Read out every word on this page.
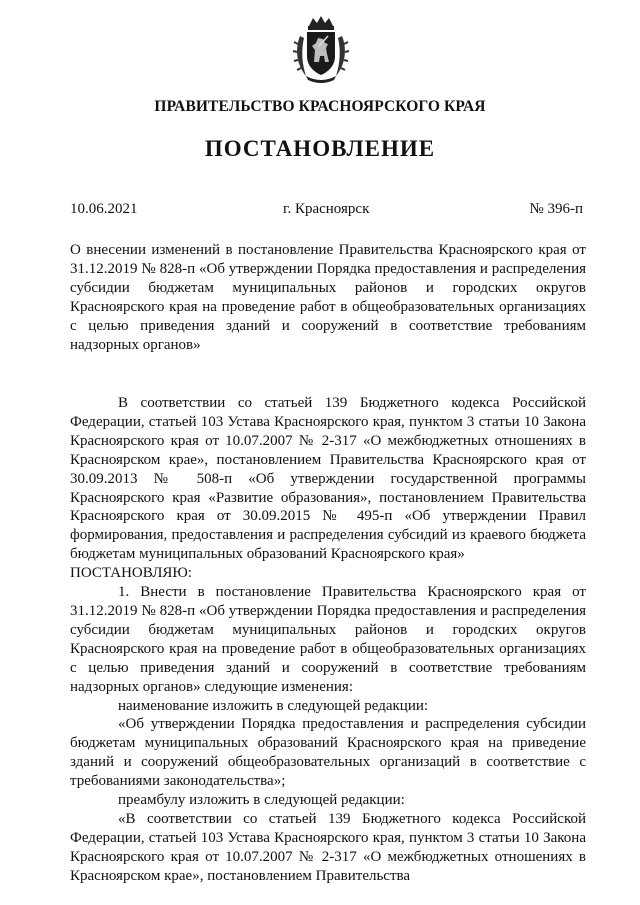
ПРАВИТЕЛЬСТВО КРАСНОЯРСКОГО КРАЯ
ПОСТАНОВЛЕНИЕ
10.06.2021	г. Красноярск	№ 396-п

О внесении изменений в постановление Правительства Красноярского края от 31.12.2019 № 828-п «Об утверждении Порядка предоставления и распределения субсидии бюджетам муниципальных районов и городских округов Красноярского края на проведение работ в общеобразовательных организациях с целью приведения зданий и сооружений в соответствие требованиям надзорных органов»

В соответствии со статьей 139 Бюджетного кодекса Российской Федерации, статьей 103 Устава Красноярского края, пунктом 3 статьи 10 Закона Красноярского края от 10.07.2007 № 2-317 «О межбюджетных отношениях в Красноярском крае», постановлением Правительства Красноярского края от 30.09.2013 № 508-п «Об утверждении государственной программы Красноярского края «Развитие образования», постановлением Правительства Красноярского края от 30.09.2015 № 495-п «Об утверждении Правил формирования, предоставления и распределения субсидий из краевого бюджета бюджетам муниципальных образований Красноярского края»

ПОСТАНОВЛЯЮ:

1. Внести в постановление Правительства Красноярского края от 31.12.2019 № 828-п «Об утверждении Порядка предоставления и распределения субсидии бюджетам муниципальных районов и городских округов Красноярского края на проведение работ в общеобразовательных организациях с целью приведения зданий и сооружений в соответствие требованиям надзорных органов» следующие изменения:

наименование изложить в следующей редакции:

«Об утверждении Порядка предоставления и распределения субсидии бюджетам муниципальных образований Красноярского края на приведение зданий и сооружений общеобразовательных организаций в соответствие с требованиями законодательства»;

преамбулу изложить в следующей редакции:

«В соответствии со статьей 139 Бюджетного кодекса Российской Федерации, статьей 103 Устава Красноярского края, пунктом 3 статьи 10 Закона Красноярского края от 10.07.2007 № 2-317 «О межбюджетных отношениях в Красноярском крае», постановлением Правительства
